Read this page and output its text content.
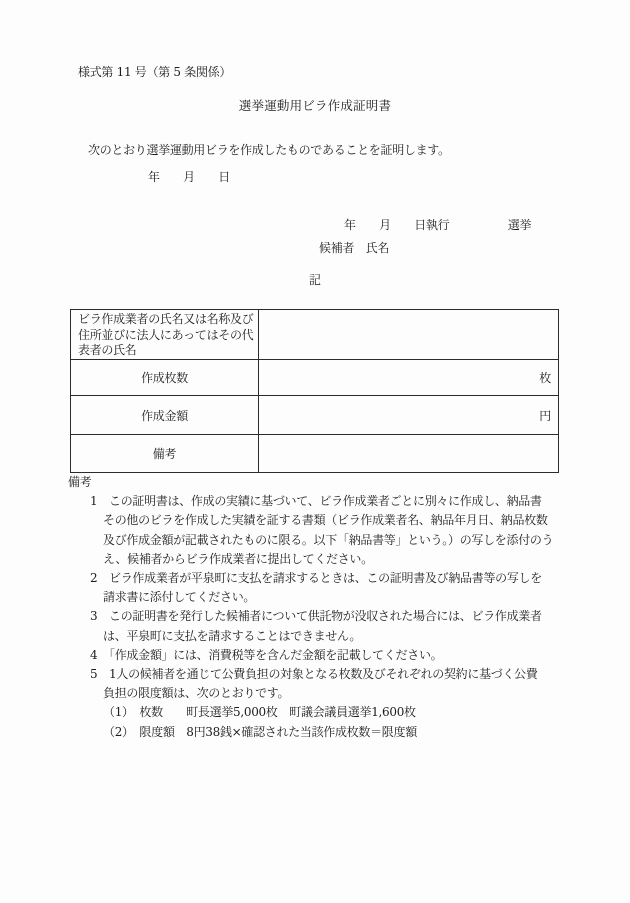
様式第 11 号（第 5 条関係）
選挙運動用ビラ作成証明書
次のとおり選挙運動用ビラを作成したものであることを証明します。
年　　月　　日
年　　月　　日執行　　　　　選挙
候補者　氏名
記
ビラ作成業者の氏名又は名称及び住所並びに法人にあってはその代表者の氏名	
作成枚数	枚
作成金額	円
備考	
備考
1　この証明書は、作成の実績に基づいて、ビラ作成業者ごとに別々に作成し、納品書
その他のビラを作成した実績を証する書類（ビラ作成業者名、納品年月日、納品枚数
及び作成金額が記載されたものに限る。以下「納品書等」という。）の写しを添付のう
え、候補者からビラ作成業者に提出してください。
2　ビラ作成業者が平泉町に支払を請求するときは、この証明書及び納品書等の写しを
請求書に添付してください。
3　この証明書を発行した候補者について供託物が没収された場合には、ビラ作成業者
は、平泉町に支払を請求することはできません。
4　「作成金額」には、消費税等を含んだ金額を記載してください。
5　1人の候補者を通じて公費負担の対象となる枚数及びそれぞれの契約に基づく公費
負担の限度額は、次のとおりです。
（1）　枚数　　町長選挙5,000枚　町議会議員選挙1,600枚
（2）　限度額　8円38銭×確認された当該作成枚数＝限度額
